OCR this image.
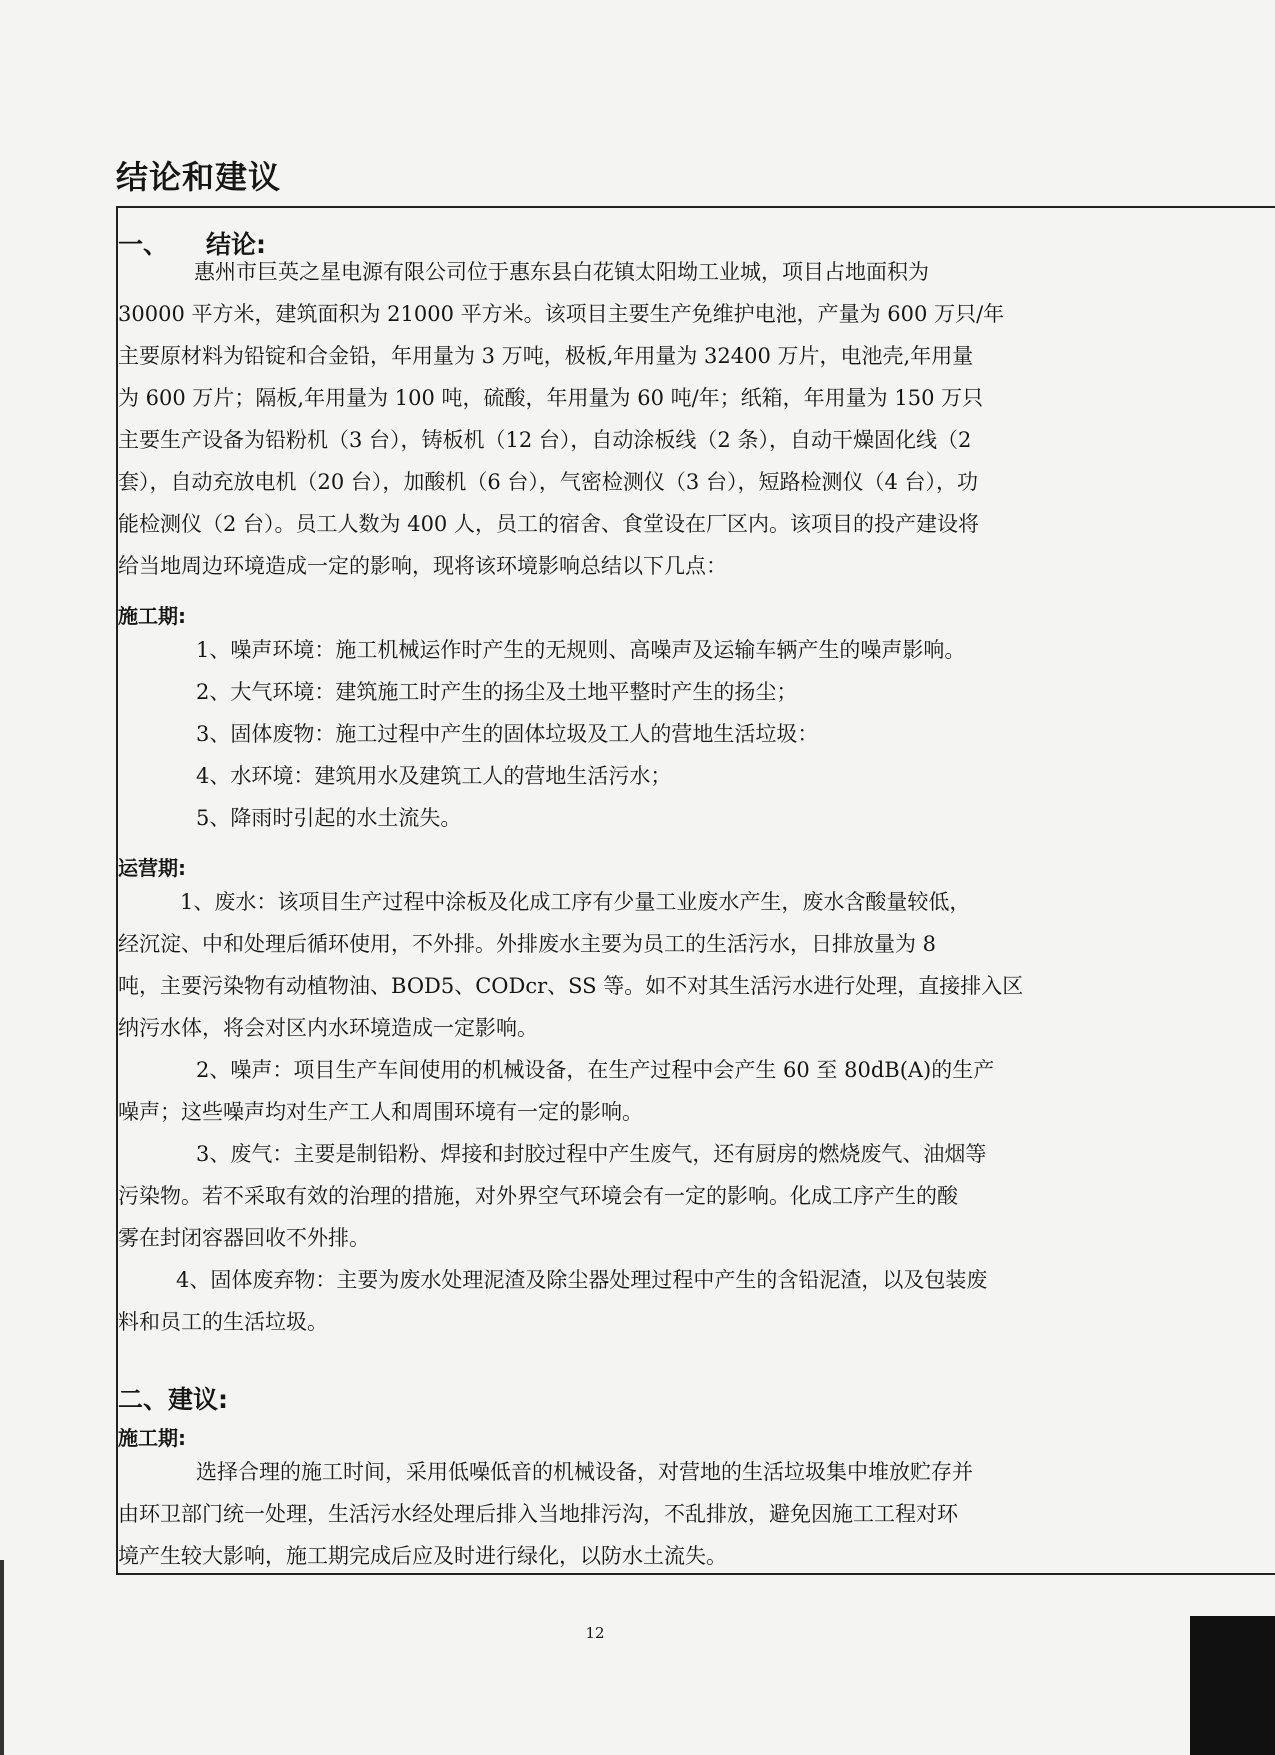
结论和建议
一、 结论:
惠州市巨英之星电源有限公司位于惠东县白花镇太阳坳工业城，项目占地面积为
30000 平方米，建筑面积为 21000 平方米。该项目主要生产免维护电池，产量为 600 万只/年
主要原材料为铅锭和合金铅，年用量为 3 万吨，极板,年用量为 32400 万片，电池壳,年用量
为 600 万片；隔板,年用量为 100 吨，硫酸，年用量为 60 吨/年；纸箱，年用量为 150 万只
主要生产设备为铅粉机（3 台），铸板机（12 台），自动涂板线（2 条），自动干燥固化线（2
套），自动充放电机（20 台），加酸机（6 台），气密检测仪（3 台），短路检测仪（4 台），功
能检测仪（2 台）。员工人数为 400 人，员工的宿舍、食堂设在厂区内。该项目的投产建设将
给当地周边环境造成一定的影响，现将该环境影响总结以下几点：
施工期:
1、噪声环境：施工机械运作时产生的无规则、高噪声及运输车辆产生的噪声影响。
2、大气环境：建筑施工时产生的扬尘及土地平整时产生的扬尘；
3、固体废物：施工过程中产生的固体垃圾及工人的营地生活垃圾：
4、水环境：建筑用水及建筑工人的营地生活污水；
5、降雨时引起的水土流失。
运营期:
1、废水：该项目生产过程中涂板及化成工序有少量工业废水产生，废水含酸量较低，
经沉淀、中和处理后循环使用，不外排。外排废水主要为员工的生活污水，日排放量为 8
吨，主要污染物有动植物油、BOD5、CODcr、SS 等。如不对其生活污水进行处理，直接排入区
纳污水体，将会对区内水环境造成一定影响。
2、噪声：项目生产车间使用的机械设备，在生产过程中会产生 60 至 80dB(A)的生产
噪声；这些噪声均对生产工人和周围环境有一定的影响。
3、废气：主要是制铅粉、焊接和封胶过程中产生废气，还有厨房的燃烧废气、油烟等
污染物。若不采取有效的治理的措施，对外界空气环境会有一定的影响。化成工序产生的酸
雾在封闭容器回收不外排。
4、固体废弃物：主要为废水处理泥渣及除尘器处理过程中产生的含铅泥渣，以及包装废
料和员工的生活垃圾。
二、建议:
施工期:
选择合理的施工时间，采用低噪低音的机械设备，对营地的生活垃圾集中堆放贮存并
由环卫部门统一处理，生活污水经处理后排入当地排污沟，不乱排放，避免因施工工程对环
境产生较大影响，施工期完成后应及时进行绿化，以防水土流失。
12
